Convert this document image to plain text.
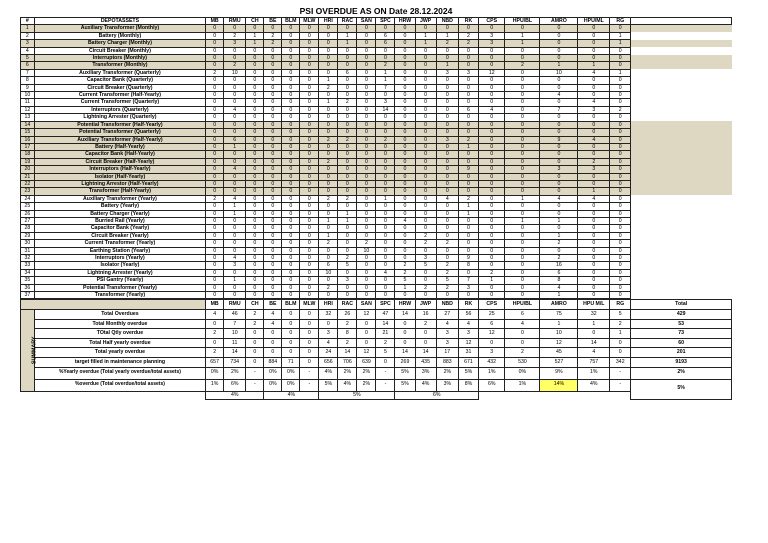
PSI OVERDUE AS ON Date 28.12.2024
#	DEPOTASSETS	MB	RMU	CH	BE	BLM	MLW	HRI	RAC	SAN	SPC	HRW	JWP	NBD	RK	CPS	HPU/BL	AMRO	HPU/ML	RG	
1	Auxiliary Transformer (Monthly)	0	0	0	0	0	0	0	0	0	0	0	0	0	0	0	0	0	0	0	
2	Battery (Monthly)	0	2	1	2	0	0	0	1	0	6	0	1	1	2	3	1	0	0	1	
3	Battery Charger (Monthly)	0	3	1	2	0	0	0	1	0	6	0	1	2	2	3	1	0	0	1	
4	Circuit Breaker (Monthly)	0	0	0	0	0	0	0	0	0	0	0	0	0	0	0	0	0	0	0	
5	Interruptors (Monthly)	0	0	0	0	0	0	0	0	0	0	0	0	0	0	0	0	0	0	0	
6	Transformer (Monthly)	0	2	0	0	0	0	0	0	0	2	0	0	1	0	0	2	1	1	0	
7	Auxiliary Transformer (Quarterly)	2	10	0	0	0	0	0	6	0	1	0	0	3	3	12	0	10	4	1	
8	Capacitor Bank (Quarterly)	0	0	0	0	0	0	1	0	0	1	0	0	0	0	0	0	0	0	0	
9	Circuit Breaker (Quarterly)	0	0	0	0	0	0	2	0	0	7	0	0	0	0	0	0	0	0	0	
10	Current Transformer (Half-Yearly)	0	0	0	0	0	0	0	0	0	0	0	0	0	0	0	0	4	0	0	
11	Current Transformer (Quarterly)	0	0	0	0	0	0	1	2	0	3	0	0	0	0	0	0	0	4	0	
12	Interruptors (Quarterly)	0	4	0	0	0	0	0	0	0	14	0	0	0	6	4	0	7	3	2	
13	Lightning Arrester (Quarterly)	0	0	0	0	0	0	0	0	0	0	0	0	0	0	0	0	0	0	0	
14	Potential Transformer (Half-Yearly)	0	0	0	0	0	0	0	0	0	0	0	0	0	0	0	0	0	0	0	
15	Potential Transformer (Quarterly)	0	0	0	0	0	0	0	0	0	0	0	0	0	0	0	0	0	0	0	
16	Auxiliary Transformer (Half-Yearly)	0	6	0	0	0	0	2	2	0	2	0	0	3	2	0	0	9	4	0	
17	Battery (Half-Yearly)	0	1	0	0	0	0	0	0	0	0	0	0	0	1	0	0	0	0	0	
18	Capacitor Bank (Half-Yearly)	0	0	0	0	0	0	0	0	0	0	0	0	0	0	0	0	0	0	0	
19	Circuit Breaker (Half-Yearly)	0	0	0	0	0	0	2	0	0	0	0	0	0	0	0	0	0	2	0	
20	Interruptors (Half-Yearly)	0	4	0	0	0	0	0	0	0	0	0	0	0	9	0	0	3	3	0	
21	Isolator (Half-Yearly)	0	0	0	0	0	0	0	0	0	0	0	0	0	0	0	0	0	0	0	
22	Lightning Arrestor (Half-Yearly)	0	0	0	0	0	0	0	0	0	0	0	0	0	0	0	0	0	0	0	
23	Transformer (Half-Yearly)	0	0	0	0	0	0	0	0	0	0	0	0	0	0	0	0	0	1	0	
24	Auxiliary Transformer (Yearly)	2	4	0	0	0	0	2	2	0	1	0	0	4	2	0	1	4	4	0	
25	Battery (Yearly)	0	1	0	0	0	0	0	0	0	0	0	0	0	1	0	0	0	0	0	
26	Battery Charger (Yearly)	0	1	0	0	0	0	0	1	0	0	0	0	0	1	0	0	0	0	0	
27	Burried Rail (Yearly)	0	0	0	0	0	0	1	1	0	0	4	0	0	0	0	1	1	0	0	
28	Capacitor Bank (Yearly)	0	0	0	0	0	0	0	0	0	0	0	0	0	0	0	0	0	0	0	
29	Circuit Breaker (Yearly)	0	0	0	0	0	0	1	0	0	0	0	2	0	0	0	0	1	0	0	
30	Current Transformer (Yearly)	0	0	0	0	0	0	2	0	2	0	0	2	2	0	0	0	2	0	0	
31	Earthing Station (Yearly)	0	0	0	0	0	0	0	0	10	0	0	0	0	0	0	0	0	0	0	
32	Interruptors (Yearly)	0	4	0	0	0	0	0	2	0	0	0	3	0	9	0	0	2	0	0	
33	Isolator (Yearly)	0	3	0	0	0	0	6	5	0	0	2	5	2	8	0	0	16	0	0	
34	Lightning Arrester (Yearly)	0	0	0	0	0	0	10	0	0	4	2	0	2	0	2	0	6	0	0	
35	PSI Gantry (Yearly)	0	1	0	0	0	0	0	3	0	0	5	0	5	7	1	0	8	0	0	
36	Potential Transformer (Yearly)	0	0	0	0	0	0	2	0	0	0	1	2	2	3	0	0	4	0	0	
37	Transformer (Yearly)	0	0	0	0	0	0	0	0	0	0	0	0	0	0	0	0	1	0	0	
		MB	RMU	CH	BE	BLM	MLW	HRI	RAC	SAN	SPC	HRW	JWP	NBD	RK	CPS	HPU/BL	AMRO	HPU M/L	RG	Total
SUMMARY	Total Overdues	4	46	2	4	0	0	32	26	12	47	14	16	27	56	25	6	75	32	5	429
	Total Monthly overdue	0	7	2	4	0	0	0	2	0	14	0	2	4	4	6	4	1	1	2	53
	TOtal Qtly overdue	2	10	0	0	0	0	3	8	0	21	0	0	3	3	12	0	10	0	1	73
	Total Half yearly overdue	0	11	0	0	0	0	4	2	0	2	0	0	3	12	0	0	12	14	0	60
	Total yearly overdue	2	14	0	0	0	0	24	14	12	5	14	14	17	31	3	2	45	4	0	201
	target filled in maintenance planning	657	734	0	884	71	0	656	706	639	0	269	435	883	671	432	530	527	757	342	9193
	%Yearly overdue (Total yearly overdue/total assets)	0%	2%	-	0%	0%	-	4%	2%	2%	-	5%	3%	2%	5%	1%	0%	9%	1%	-	2%
	%overdue (Total overdue/total assets)	1%	6%	-	0%	0%	-	5%	4%	2%	-	5%	4%	3%	8%	6%	1%	14%	4%	-	5%
		4%			4%			5%				6%									
